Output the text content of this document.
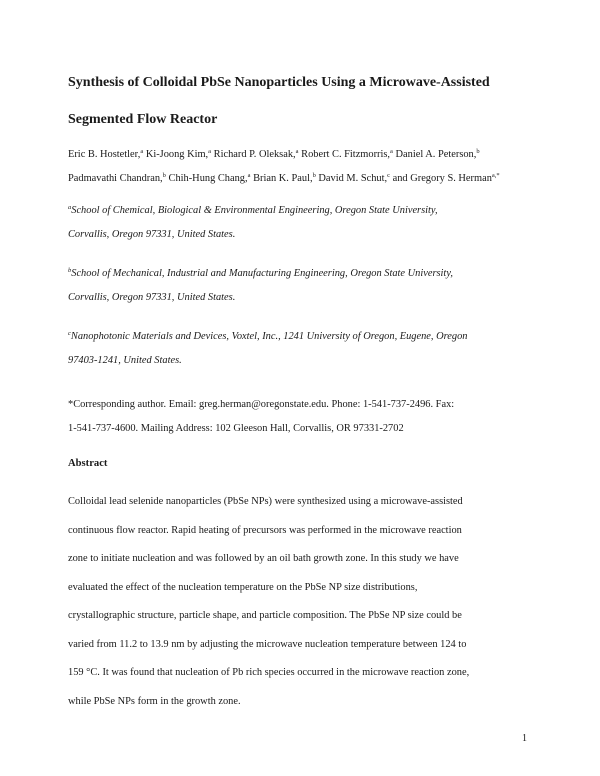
Synthesis of Colloidal PbSe Nanoparticles Using a Microwave-Assisted
Segmented Flow Reactor
Eric B. Hostetler,$^a$ Ki-Joong Kim,$^a$ Richard P. Oleksak,$^a$ Robert C. Fitzmorris,$^a$ Daniel A. Peterson,$^b$
Padmavathi Chandran,$^b$ Chih-Hung Chang,$^a$ Brian K. Paul,$^b$ David M. Schut,$^c$ and Gregory S. Herman$^{a,*}$
$^a$School of Chemical, Biological & Environmental Engineering, Oregon State University,
Corvallis, Oregon 97331, United States.
$^b$School of Mechanical, Industrial and Manufacturing Engineering, Oregon State University,
Corvallis, Oregon 97331, United States.
$^c$Nanophotonic Materials and Devices, Voxtel, Inc., 1241 University of Oregon, Eugene, Oregon
97403-1241, United States.
*Corresponding author. Email: greg.herman@oregonstate.edu. Phone: 1-541-737-2496. Fax:
1-541-737-4600. Mailing Address: 102 Gleeson Hall, Corvallis, OR 97331-2702
Abstract
Colloidal lead selenide nanoparticles (PbSe NPs) were synthesized using a microwave-assisted
continuous flow reactor. Rapid heating of precursors was performed in the microwave reaction
zone to initiate nucleation and was followed by an oil bath growth zone. In this study we have
evaluated the effect of the nucleation temperature on the PbSe NP size distributions,
crystallographic structure, particle shape, and particle composition. The PbSe NP size could be
varied from 11.2 to 13.9 nm by adjusting the microwave nucleation temperature between 124 to
159 °C. It was found that nucleation of Pb rich species occurred in the microwave reaction zone,
while PbSe NPs form in the growth zone.
1
